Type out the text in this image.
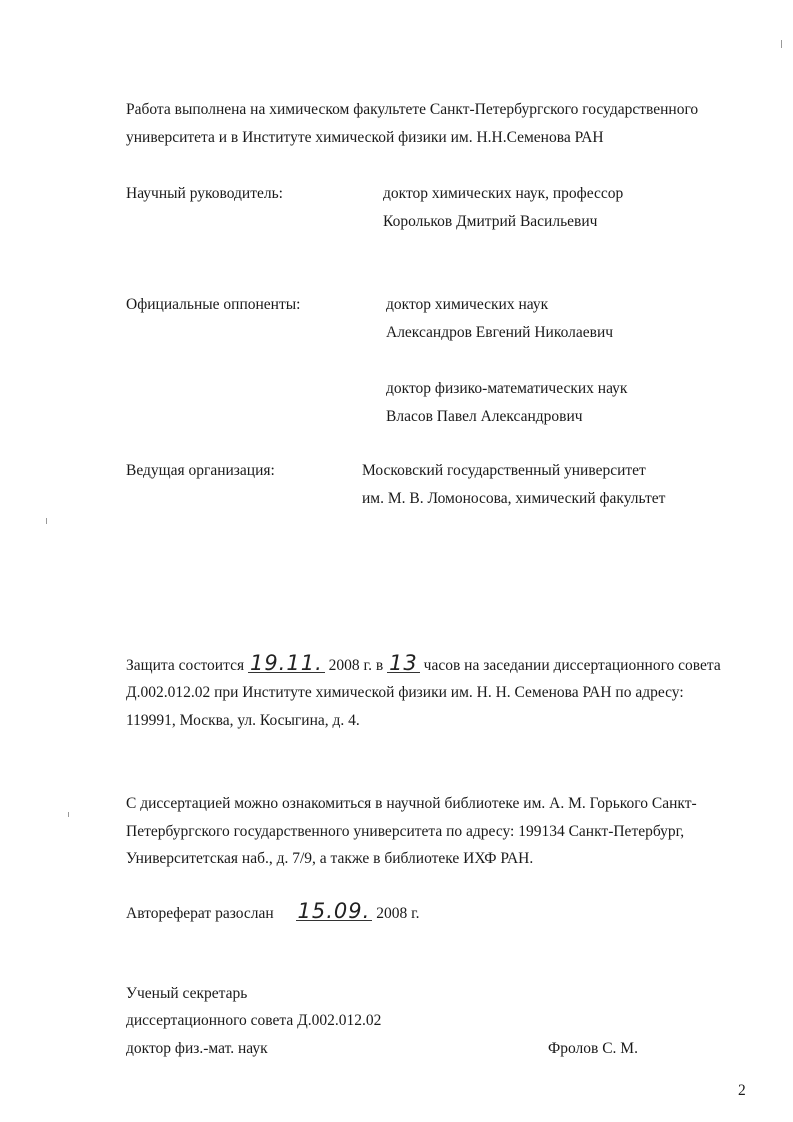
Работа выполнена на химическом факультете Санкт-Петербургского государственного
университета и в Институте химической физики им. Н.Н.Семенова РАН
Научный руководитель:	доктор химических наук, профессор
Корольков Дмитрий Васильевич
Официальные оппоненты:	доктор химических наук
Александров Евгений Николаевич
доктор физико-математических наук
Власов Павел Александрович
Ведущая организация:	Московский государственный университет
им. М. В. Ломоносова, химический факультет
Защита состоится 19.11. 2008 г. в 13 часов на заседании диссертационного совета
Д.002.012.02 при Институте химической физики им. Н. Н. Семенова РАН по адресу:
119991, Москва, ул. Косыгина, д. 4.
С диссертацией можно ознакомиться в научной библиотеке им. А. М. Горького Санкт-
Петербургского государственного университета по адресу: 199134 Санкт-Петербург,
Университетская наб., д. 7/9, а также в библиотеке ИХФ РАН.
Автореферат разослан 15.09. 2008 г.
Ученый секретарь
диссертационного совета Д.002.012.02
доктор физ.-мат. наук	Фролов С. М.
2
